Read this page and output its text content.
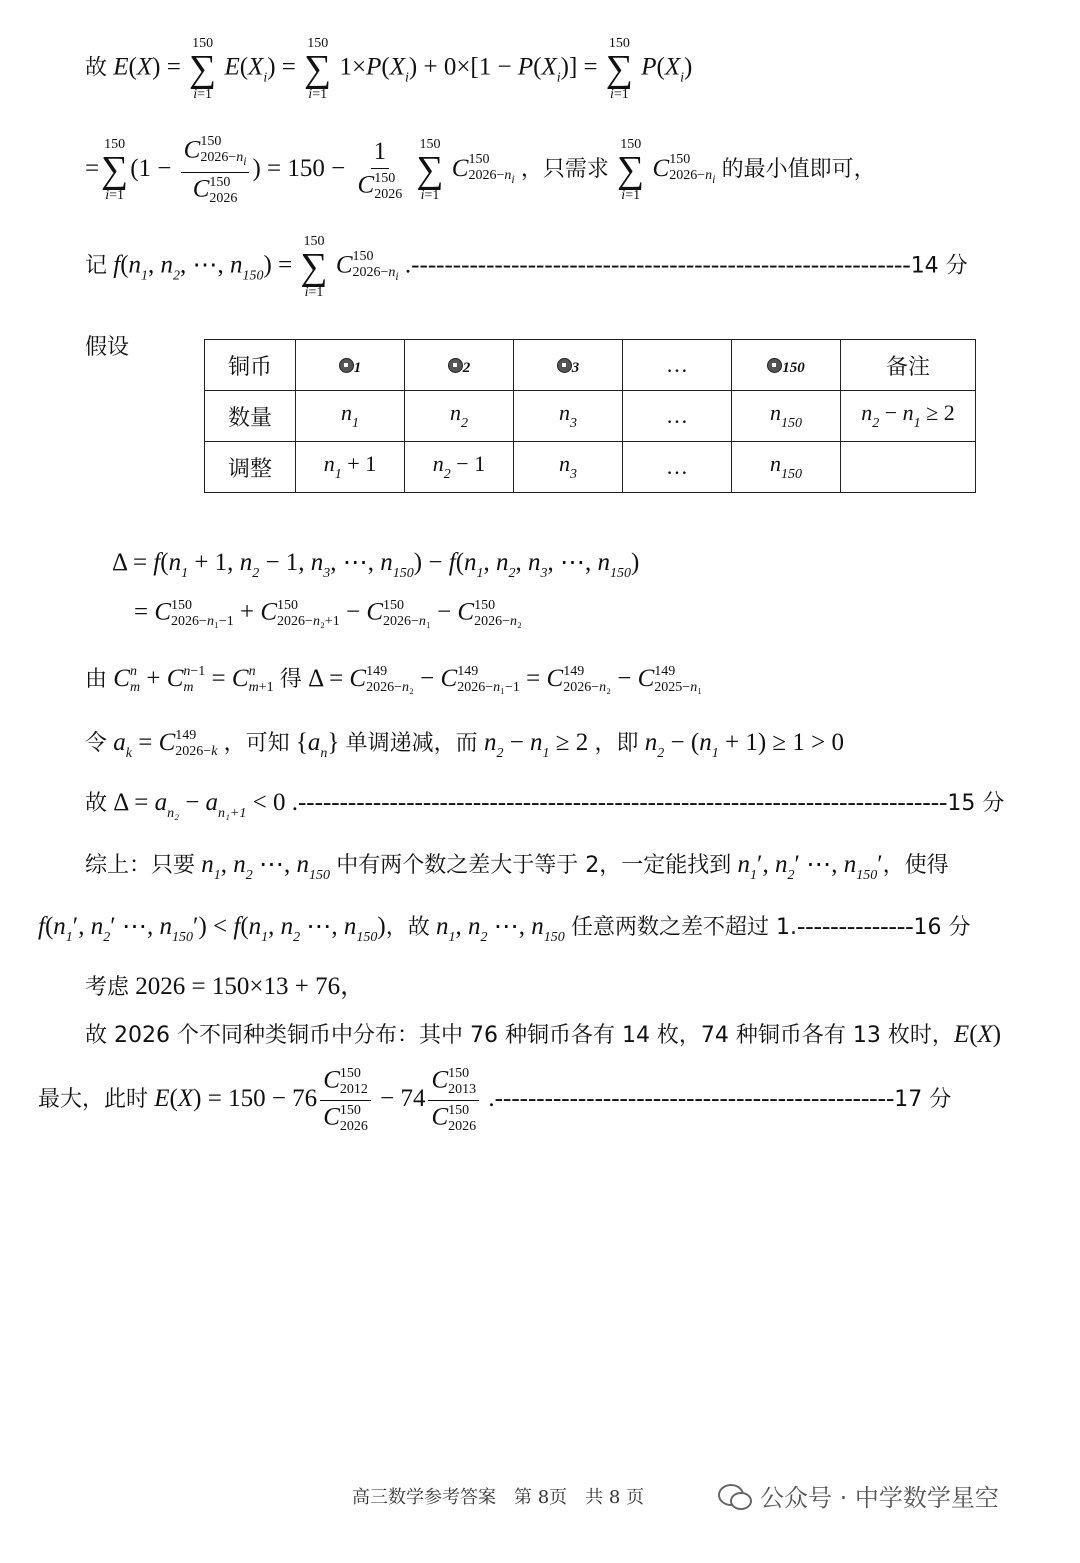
故 E(X) =
150
∑
i=1
$E(X_i)$ =
150
∑
i=1
$1\times P(X_i) + 0\times[1 - P(X_i)]$ =
150
∑
i=1
$P(X_i)$
=
150
∑
i=1
(1 − C 150
$2026-n_i$
C 150
2026 ) = 150 − 1
C 150
2026
150
∑
i=1
C 150
$2026-n_i$ ，只需求
150
∑
i=1
C 150
$2026-n_i$ 的最小值即可，
记 $f(n_1$, $n_2$, ⋯, $n_{150}$) =
150
∑
i=1
C 150
$2026-n_i$ .------------------------------------------------------------14 分
假设
铜币	1	2	3	…	150	备注
数量	$n_1$	$n_2$	$n_3$	…	$n_{150}$	$n_2 - n_1 \ge 2$
调整	$n_1 + 1$	$n_2 - 1$	$n_3$	…	$n_{150}$	
$\Delta = f(n_1 + 1$, $n_2 - 1$, $n_3$, ⋯, $n_{150}) - f(n_1$, $n_2$, $n_3$, ⋯, $n_{150}$)
= C 150
2026−n₁−1 + C 150
2026−n₂+1 − C 150
2026−n₁ − C 150
2026−n₂
由 C n
m + C n−1
m = C n
m+1 得 Δ = C 149
2026−n₂ − C 149
2026−n₁−1 = C 149
2026−n₂ − C 149
2025−n₁
令 $a_k = C$ 149
2026−k ，可知 $\{a_n\}$ 单调递减，而 $n_2 - n_1 \ge 2$ ，即 $n_2 - (n_1 + 1) \ge 1 > 0$
故 $\Delta = a_{n_2} - a_{n_1+1} < 0$ .------------------------------------------------------------------------------15 分
综上：只要 $n_1$, $n_2$ ⋯, $n_{150}$ 中有两个数之差大于等于 2，一定能找到 $n_1'$, $n_2'$ ⋯, $n_{150}'$，使得
$f(n_1'$, $n_2'$ ⋯, $n_{150}') < f(n_1$, $n_2$ ⋯, $n_{150}$)，故 $n_1$, $n_2$ ⋯, $n_{150}$ 任意两数之差不超过 1.--------------16 分
考虑 2026 = 150×13 + 76，
故 2026 个不同种类铜币中分布：其中 76 种铜币各有 14 枚，74 种铜币各有 13 枚时，E(X)
最大，此时 E(X) = 150 − 76 C 150
2012
C 150
2026 − 74 C 150
2013
C 150
2026 .------------------------------------------------17 分
高三数学参考答案　第 8页　共 8 页	公众号 · 中学数学星空
